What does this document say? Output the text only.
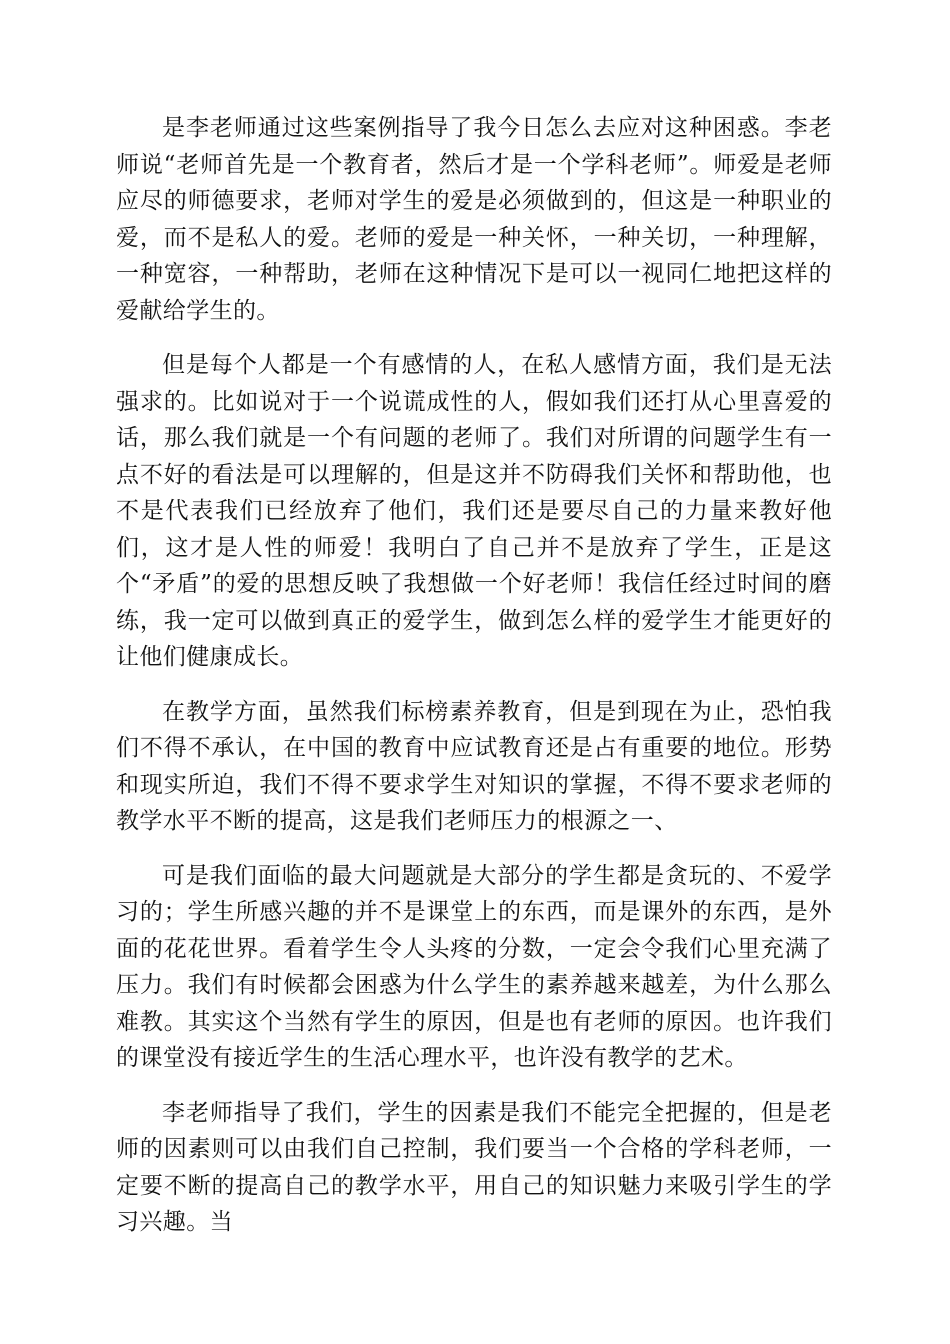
是李老师通过这些案例指导了我今日怎么去应对这种困惑。李老师说“老师首先是一个教育者，然后才是一个学科老师”。师爱是老师应尽的师德要求，老师对学生的爱是必须做到的，但这是一种职业的爱，而不是私人的爱。老师的爱是一种关怀，一种关切，一种理解，一种宽容，一种帮助，老师在这种情况下是可以一视同仁地把这样的爱献给学生的。

但是每个人都是一个有感情的人，在私人感情方面，我们是无法强求的。比如说对于一个说谎成性的人，假如我们还打从心里喜爱的话，那么我们就是一个有问题的老师了。我们对所谓的问题学生有一点不好的看法是可以理解的，但是这并不防碍我们关怀和帮助他，也不是代表我们已经放弃了他们，我们还是要尽自己的力量来教好他们，这才是人性的师爱！我明白了自己并不是放弃了学生，正是这个“矛盾”的爱的思想反映了我想做一个好老师！我信任经过时间的磨练，我一定可以做到真正的爱学生，做到怎么样的爱学生才能更好的让他们健康成长。

在教学方面，虽然我们标榜素养教育，但是到现在为止，恐怕我们不得不承认，在中国的教育中应试教育还是占有重要的地位。形势和现实所迫，我们不得不要求学生对知识的掌握，不得不要求老师的教学水平不断的提高，这是我们老师压力的根源之一、

可是我们面临的最大问题就是大部分的学生都是贪玩的、不爱学习的；学生所感兴趣的并不是课堂上的东西，而是课外的东西，是外面的花花世界。看着学生令人头疼的分数，一定会令我们心里充满了压力。我们有时候都会困惑为什么学生的素养越来越差，为什么那么难教。其实这个当然有学生的原因，但是也有老师的原因。也许我们的课堂没有接近学生的生活心理水平，也许没有教学的艺术。

李老师指导了我们，学生的因素是我们不能完全把握的，但是老师的因素则可以由我们自己控制，我们要当一个合格的学科老师，一定要不断的提高自己的教学水平，用自己的知识魅力来吸引学生的学习兴趣。当
